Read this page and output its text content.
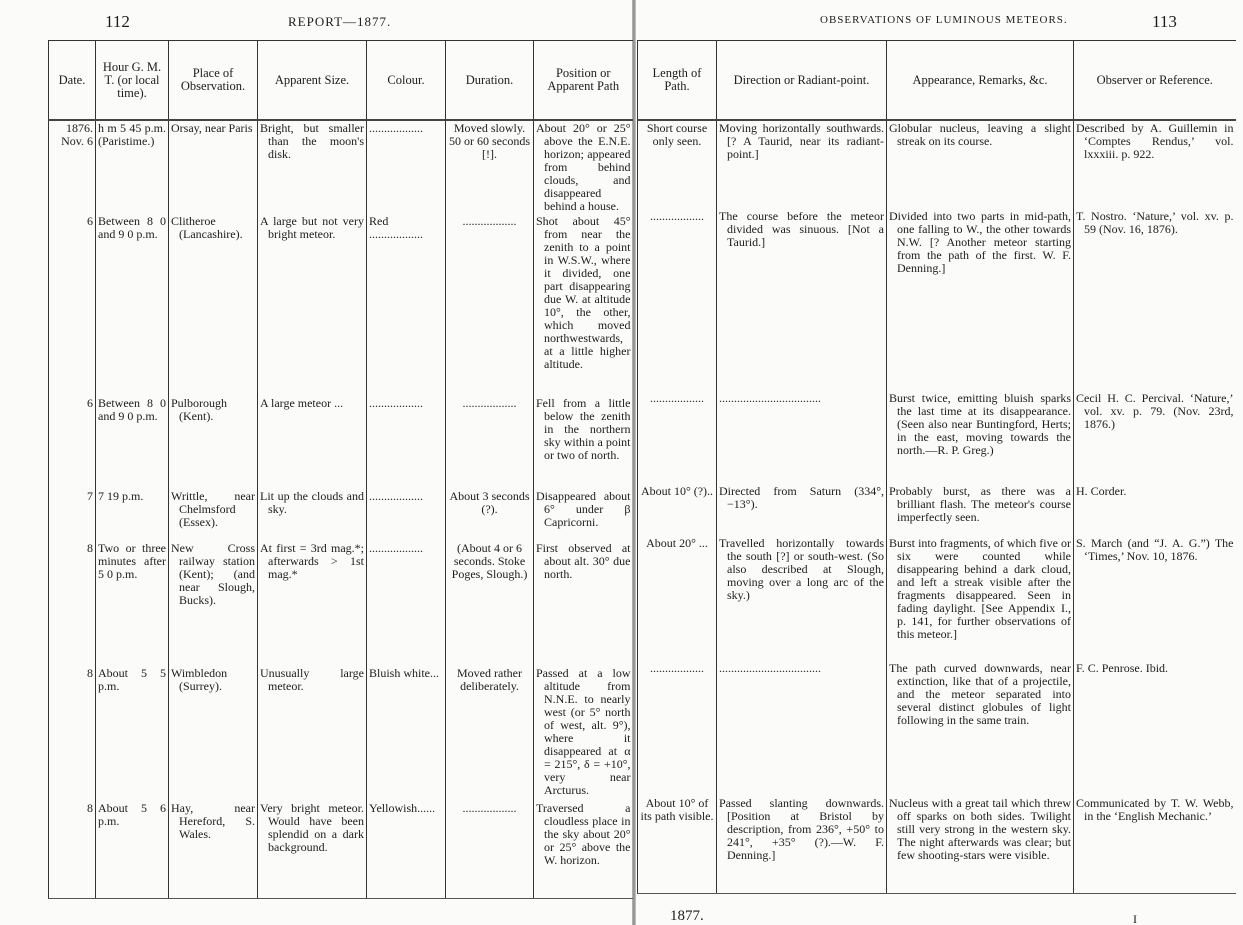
112	REPORT—1877.	OBSERVATIONS OF LUMINOUS METEORS.	113
Date.	Hour G. M. T. (or local time).	Place of Observation.	Apparent Size.	Colour.	Duration.	Position or Apparent Path
1876. Nov. 6	h m 5 45 p.m. (Paristime.)	Orsay, near Paris	Bright, but smaller than the moon's disk.	..................	Moved slowly. 50 or 60 seconds [!].	About 20° or 25° above the E.N.E. horizon; appeared from behind clouds, and disappeared behind a house.
6	Between 8 0 and 9 0 p.m.	Clitheroe (Lancashire).	A large but not very bright meteor.	Red ..................	..................	Shot about 45° from near the zenith to a point in W.S.W., where it divided, one part disappearing due W. at altitude 10°, the other, which moved northwestwards, at a little higher altitude.
6	Between 8 0 and 9 0 p.m.	Pulborough (Kent).	A large meteor ...	..................	..................	Fell from a little below the zenith in the northern sky within a point or two of north.
7	7 19 p.m.	Writtle, near Chelmsford (Essex).	Lit up the clouds and sky.	..................	About 3 seconds (?).	Disappeared about 6° under β Capricorni.
8	Two or three minutes after 5 0 p.m.	New Cross railway station (Kent); (and near Slough, Bucks).	At first = 3rd mag.*; afterwards > 1st mag.*	..................	(About 4 or 6 seconds. Stoke Poges, Slough.)	First observed at about alt. 30° due north.
8	About 5 5 p.m.	Wimbledon (Surrey).	Unusually large meteor.	Bluish white...	Moved rather deliberately.	Passed at a low altitude from N.N.E. to nearly west (or 5° north of west, alt. 9°), where it disappeared at α = 215°, δ = +10°, very near Arcturus.
8	About 5 6 p.m.	Hay, near Hereford, S. Wales.	Very bright meteor. Would have been splendid on a dark background.	Yellowish......	..................	Traversed a cloudless place in the sky about 20° or 25° above the W. horizon.
Length of Path.	Direction or Radiant-point.	Appearance, Remarks, &c.	Observer or Reference.
Short course only seen.	Moving horizontally southwards. [? A Taurid, near its radiant-point.]	Globular nucleus, leaving a slight streak on its course.	Described by A. Guillemin in ‘Comptes Rendus,’ vol. lxxxiii. p. 922.
..................	The course before the meteor divided was sinuous. [Not a Taurid.]	Divided into two parts in mid-path, one falling to W., the other towards N.W. [? Another meteor starting from the path of the first. W. F. Denning.]	T. Nostro. ‘Nature,’ vol. xv. p. 59 (Nov. 16, 1876).
..................	..................................	Burst twice, emitting bluish sparks the last time at its disappearance. (Seen also near Buntingford, Herts; in the east, moving towards the north.—R. P. Greg.)	Cecil H. C. Percival. ‘Nature,’ vol. xv. p. 79. (Nov. 23rd, 1876.)
About 10° (?)..	Directed from Saturn (334°, −13°).	Probably burst, as there was a brilliant flash. The meteor's course imperfectly seen.	H. Corder.
About 20° ...	Travelled horizontally towards the south [?] or south-west. (So also described at Slough, moving over a long arc of the sky.)	Burst into fragments, of which five or six were counted while disappearing behind a dark cloud, and left a streak visible after the fragments disappeared. Seen in fading daylight. [See Appendix I., p. 141, for further observations of this meteor.]	S. March (and “J. A. G.”) The ‘Times,’ Nov. 10, 1876.
..................	..................................	The path curved downwards, near extinction, like that of a projectile, and the meteor separated into several distinct globules of light following in the same train.	F. C. Penrose. Ibid.
About 10° of its path visible.	Passed slanting downwards. [Position at Bristol by description, from 236°, +50° to 241°, +35° (?).—W. F. Denning.]	Nucleus with a great tail which threw off sparks on both sides. Twilight still very strong in the western sky. The night afterwards was clear; but few shooting-stars were visible.	Communicated by T. W. Webb, in the ‘English Mechanic.’
1877.	I
